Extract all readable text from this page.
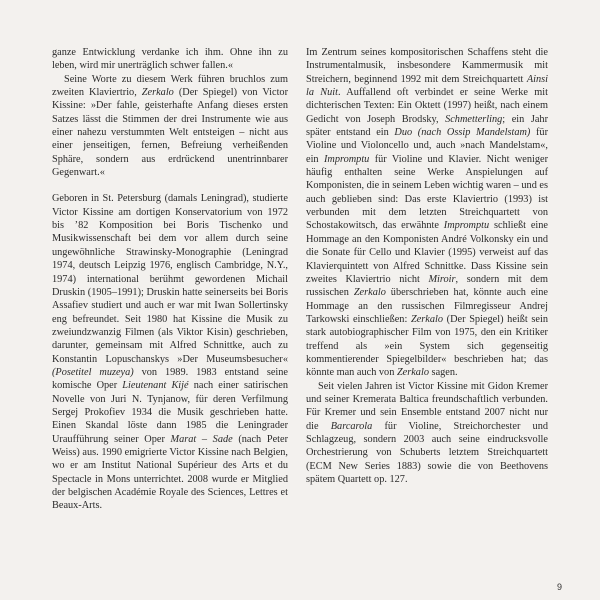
ganze Entwicklung verdanke ich ihm. Ohne ihn zu leben, wird mir unerträglich schwer fallen.«

Seine Worte zu diesem Werk führen bruchlos zum zweiten Klaviertrio, Zerkalo (Der Spiegel) von Victor Kissine: »Der fahle, geisterhafte Anfang dieses ersten Satzes lässt die Stimmen der drei Instrumente wie aus einer nahezu verstummten Welt entsteigen – nicht aus einer jenseitigen, fernen, Befreiung verheißenden Sphäre, sondern aus erdrückend unentrinnbarer Gegenwart.«

Geboren in St. Petersburg (damals Leningrad), studierte Victor Kissine am dortigen Konservatorium von 1972 bis ’82 Komposition bei Boris Tischenko und Musikwissenschaft bei dem vor allem durch seine ungewöhnliche Strawinsky-Monographie (Leningrad 1974, deutsch Leipzig 1976, englisch Cambridge, N.Y., 1974) international berühmt gewordenen Michail Druskin (1905–1991); Druskin hatte seinerseits bei Boris Assafiev studiert und auch er war mit Iwan Sollertinsky eng befreundet. Seit 1980 hat Kissine die Musik zu zweiundzwanzig Filmen (als Viktor Kisin) geschrieben, darunter, gemeinsam mit Alfred Schnittke, auch zu Konstantin Lopuschanskys »Der Museumsbesucher« (Posetitel muzeya) von 1989. 1983 entstand seine komische Oper Lieutenant Kijé nach einer satirischen Novelle von Juri N. Tynjanow, für deren Verfilmung Sergej Prokofiev 1934 die Musik geschrieben hatte. Einen Skandal löste dann 1985 die Leningrader Uraufführung seiner Oper Marat – Sade (nach Peter Weiss) aus. 1990 emigrierte Victor Kissine nach Belgien, wo er am Institut National Supérieur des Arts et du Spectacle in Mons unterrichtet. 2008 wurde er Mitglied der belgischen Académie Royale des Sciences, Lettres et Beaux-Arts.

Im Zentrum seines kompositorischen Schaffens steht die Instrumentalmusik, insbesondere Kammermusik mit Streichern, beginnend 1992 mit dem Streichquartett Ainsi la Nuit. Auffallend oft verbindet er seine Werke mit dichterischen Texten: Ein Oktett (1997) heißt, nach einem Gedicht von Joseph Brodsky, Schmetterling; ein Jahr später entstand ein Duo (nach Ossip Mandelstam) für Violine und Violoncello und, auch »nach Mandelstam«, ein Impromptu für Violine und Klavier. Nicht weniger häufig enthalten seine Werke Anspielungen auf Komponisten, die in seinem Leben wichtig waren – und es auch geblieben sind: Das erste Klaviertrio (1993) ist verbunden mit dem letzten Streichquartett von Schostakowitsch, das erwähnte Impromptu schließt eine Hommage an den Komponisten André Volkonsky ein und die Sonate für Cello und Klavier (1995) verweist auf das Klavierquintett von Alfred Schnittke. Dass Kissine sein zweites Klaviertrio nicht Miroir, sondern mit dem russischen Zerkalo überschrieben hat, könnte auch eine Hommage an den russischen Filmregisseur Andrej Tarkowski einschließen: Zerkalo (Der Spiegel) heißt sein stark autobiographischer Film von 1975, den ein Kritiker treffend als »ein System sich gegenseitig kommentierender Spiegelbilder« beschrieben hat; das könnte man auch von Zerkalo sagen.

Seit vielen Jahren ist Victor Kissine mit Gidon Kremer und seiner Kremerata Baltica freundschaftlich verbunden. Für Kremer und sein Ensemble entstand 2007 nicht nur die Barcarola für Violine, Streichorchester und Schlagzeug, sondern 2003 auch seine eindrucksvolle Orchestrierung von Schuberts letztem Streichquartett (ECM New Series 1883) sowie die von Beethovens spätem Quartett op. 127.

9
